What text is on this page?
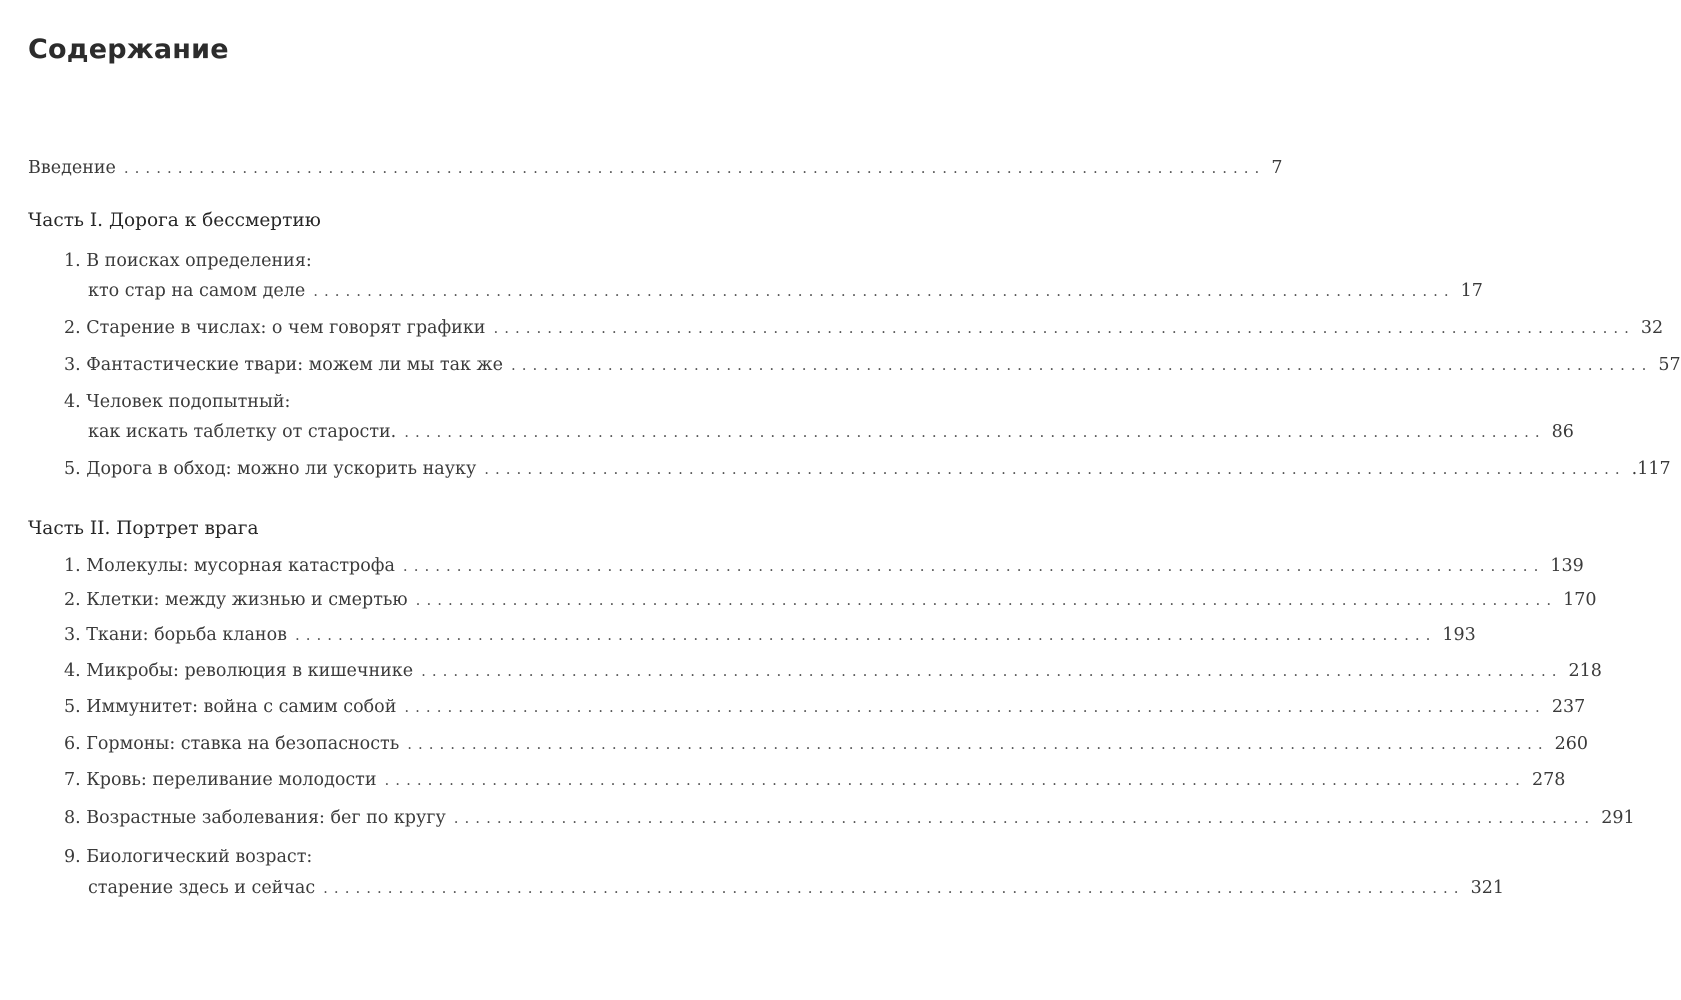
Содержание
Введение .......................................................................................................... 7
Часть I. Дорога к бессмертию
1. В поисках определения:
кто стар на самом деле .......................................................................................................... 17
2. Старение в числах: о чем говорят графики .......................................................................................................... 32
3. Фантастические твари: можем ли мы так же .......................................................................................................... 57
4. Человек подопытный:
как искать таблетку от старости. .......................................................................................................... 86
5. Дорога в обход: можно ли ускорить науку .......................................................................................................... .117
Часть II. Портрет врага
1. Молекулы: мусорная катастрофа .......................................................................................................... 139
2. Клетки: между жизнью и смертью .......................................................................................................... 170
3. Ткани: борьба кланов .......................................................................................................... 193
4. Микробы: революция в кишечнике .......................................................................................................... 218
5. Иммунитет: война с самим собой .......................................................................................................... 237
6. Гормоны: ставка на безопасность .......................................................................................................... 260
7. Кровь: переливание молодости .......................................................................................................... 278
8. Возрастные заболевания: бег по кругу .......................................................................................................... 291
9. Биологический возраст:
старение здесь и сейчас .......................................................................................................... 321
